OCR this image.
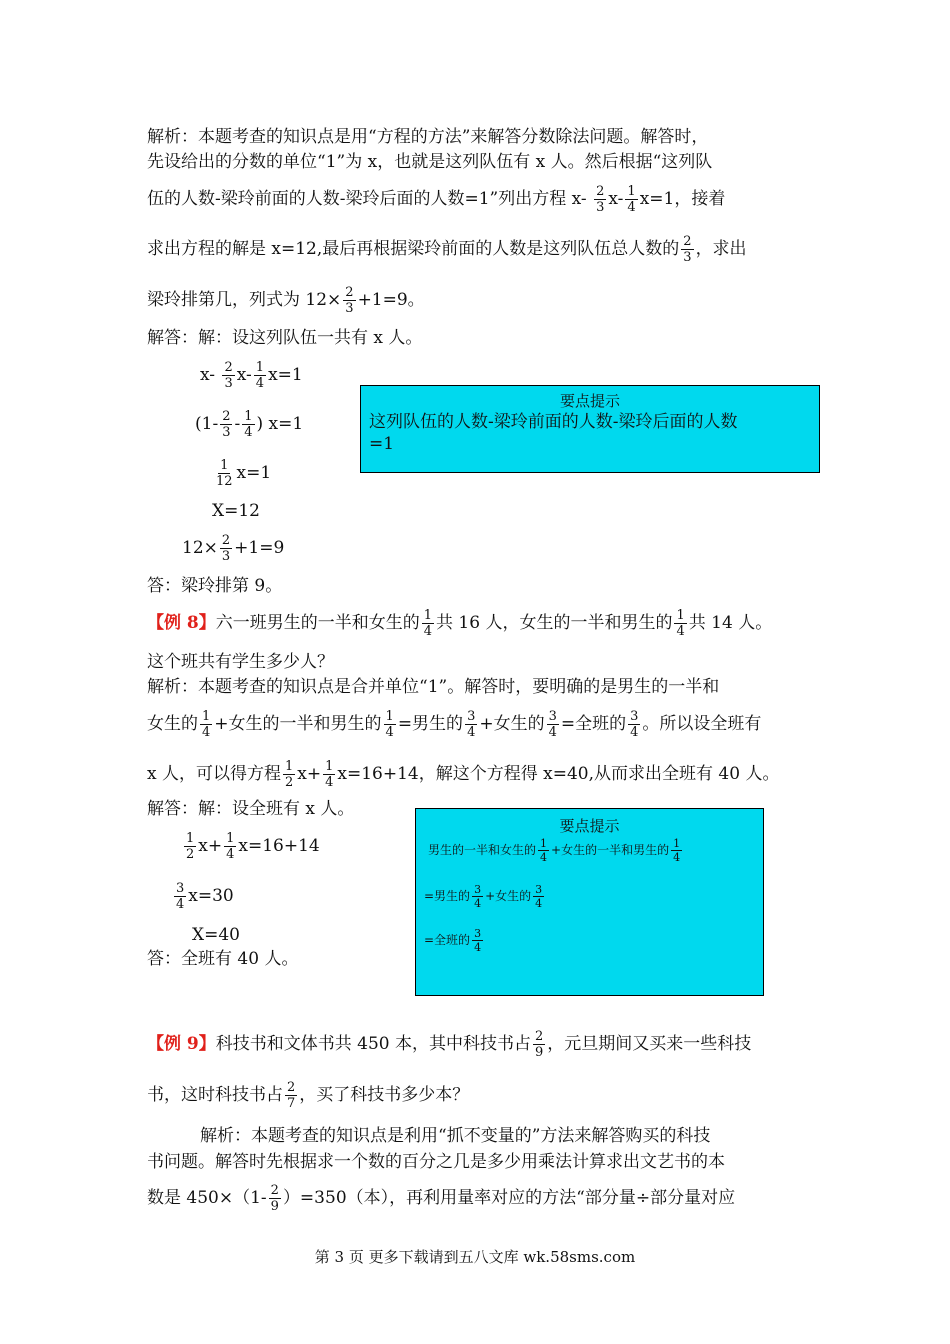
解析：本题考查的知识点是用“方程的方法”来解答分数除法问题。解答时，
先设给出的分数的单位“1”为 x，也就是这列队伍有 x 人。然后根据“这列队
伍的人数-梁玲前面的人数-梁玲后面的人数=1”列出方程 $x- \frac{2}{3} x- \frac{1}{4} x=1$，接着
求出方程的解是 x=12,最后再根据梁玲前面的人数是这列队伍总人数的 $\frac{2}{3}$ ，求出
梁玲排第几，列式为 $12\times \frac{2}{3} +1=9$。
解答：解：设这列队伍一共有 x 人。
$x- \frac{2}{3} x- \frac{1}{4} x=1$
($1- \frac{2}{3} - \frac{1}{4}$ ) x=1
$\frac{1}{12} x=1$
X=12
$12\times \frac{2}{3} +1=9$
答：梁玲排第 9。
要点提示
这列队伍的人数-梁玲前面的人数-梁玲后面的人数
=1
【例 8】六一班男生的一半和女生的 $\frac{1}{4}$ 共 16 人，女生的一半和男生的 $\frac{1}{4}$ 共 14 人。
这个班共有学生多少人？
解析：本题考查的知识点是合并单位“1”。解答时，要明确的是男生的一半和
女生的 $\frac{1}{4}$ +女生的一半和男生的 $\frac{1}{4}$ =男生的 $\frac{3}{4}$ +女生的 $\frac{3}{4}$ =全班的 $\frac{3}{4}$ 。所以设全班有
x 人，可以得方程 $\frac{1}{2} x+ \frac{1}{4} x=16+14$，解这个方程得 x=40,从而求出全班有 40 人。
解答：解：设全班有 x 人。
$\frac{1}{2} x+ \frac{1}{4} x=16+14$
$\frac{3}{4} x=30$
X=40
答：全班有 40 人。
要点提示
男生的一半和女生的 $\frac{1}{4}$ +女生的一半和男生的 $\frac{1}{4}$
=男生的 $\frac{3}{4}$ +女生的 $\frac{3}{4}$
=全班的 $\frac{3}{4}$
【例 9】科技书和文体书共 450 本，其中科技书占 $\frac{2}{9}$ ，元旦期间又买来一些科技
书，这时科技书占 $\frac{2}{7}$ ，买了科技书多少本？
解析：本题考查的知识点是利用“抓不变量的”方法来解答购买的科技
书问题。解答时先根据求一个数的百分之几是多少用乘法计算求出文艺书的本
数是 $450\times(1- \frac{2}{9} )=350$（本），再利用量率对应的方法“部分量÷部分量对应
第 3 页 更多下载请到五八文库 wk.58sms.com
